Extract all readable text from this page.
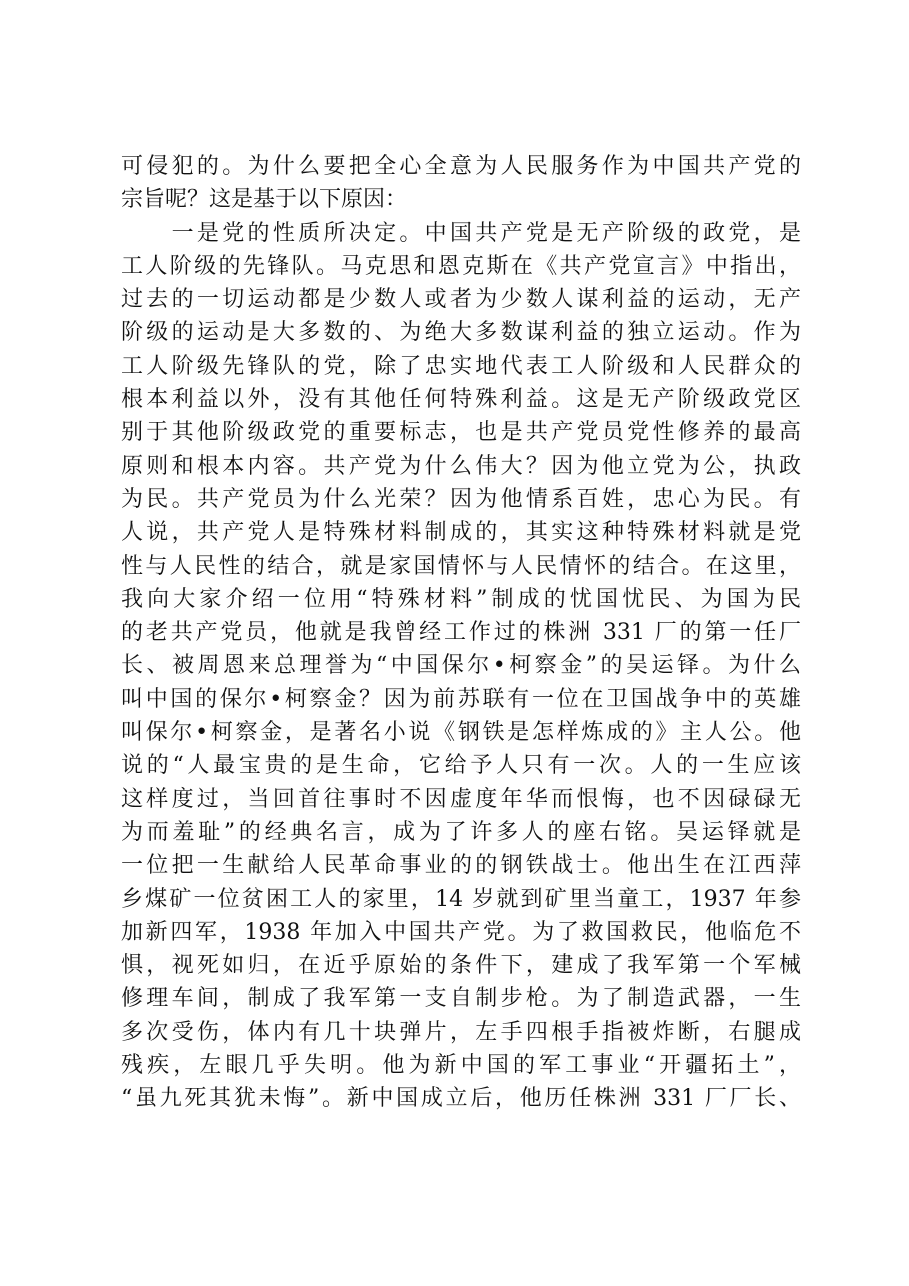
可侵犯的。为什么要把全心全意为人民服务作为中国共产党的
宗旨呢？这是基于以下原因：
　　一是党的性质所决定。中国共产党是无产阶级的政党，是
工人阶级的先锋队。马克思和恩克斯在《共产党宣言》中指出，
过去的一切运动都是少数人或者为少数人谋利益的运动，无产
阶级的运动是大多数的、为绝大多数谋利益的独立运动。作为
工人阶级先锋队的党，除了忠实地代表工人阶级和人民群众的
根本利益以外，没有其他任何特殊利益。这是无产阶级政党区
别于其他阶级政党的重要标志，也是共产党员党性修养的最高
原则和根本内容。共产党为什么伟大？因为他立党为公，执政
为民。共产党员为什么光荣？因为他情系百姓，忠心为民。有
人说，共产党人是特殊材料制成的，其实这种特殊材料就是党
性与人民性的结合，就是家国情怀与人民情怀的结合。在这里，
我向大家介绍一位用“特殊材料”制成的忧国忧民、为国为民
的老共产党员，他就是我曾经工作过的株洲 331 厂的第一任厂
长、被周恩来总理誉为“中国保尔•柯察金”的吴运铎。为什么
叫中国的保尔•柯察金？因为前苏联有一位在卫国战争中的英雄
叫保尔•柯察金，是著名小说《钢铁是怎样炼成的》主人公。他
说的“人最宝贵的是生命，它给予人只有一次。人的一生应该
这样度过，当回首往事时不因虚度年华而恨悔，也不因碌碌无
为而羞耻”的经典名言，成为了许多人的座右铭。吴运铎就是
一位把一生献给人民革命事业的的钢铁战士。他出生在江西萍
乡煤矿一位贫困工人的家里，14 岁就到矿里当童工，1937 年参
加新四军，1938 年加入中国共产党。为了救国救民，他临危不
惧，视死如归，在近乎原始的条件下，建成了我军第一个军械
修理车间，制成了我军第一支自制步枪。为了制造武器，一生
多次受伤，体内有几十块弹片，左手四根手指被炸断，右腿成
残疾，左眼几乎失明。他为新中国的军工事业“开疆拓土”，
“虽九死其犹未悔”。新中国成立后，他历任株洲 331 厂厂长、
